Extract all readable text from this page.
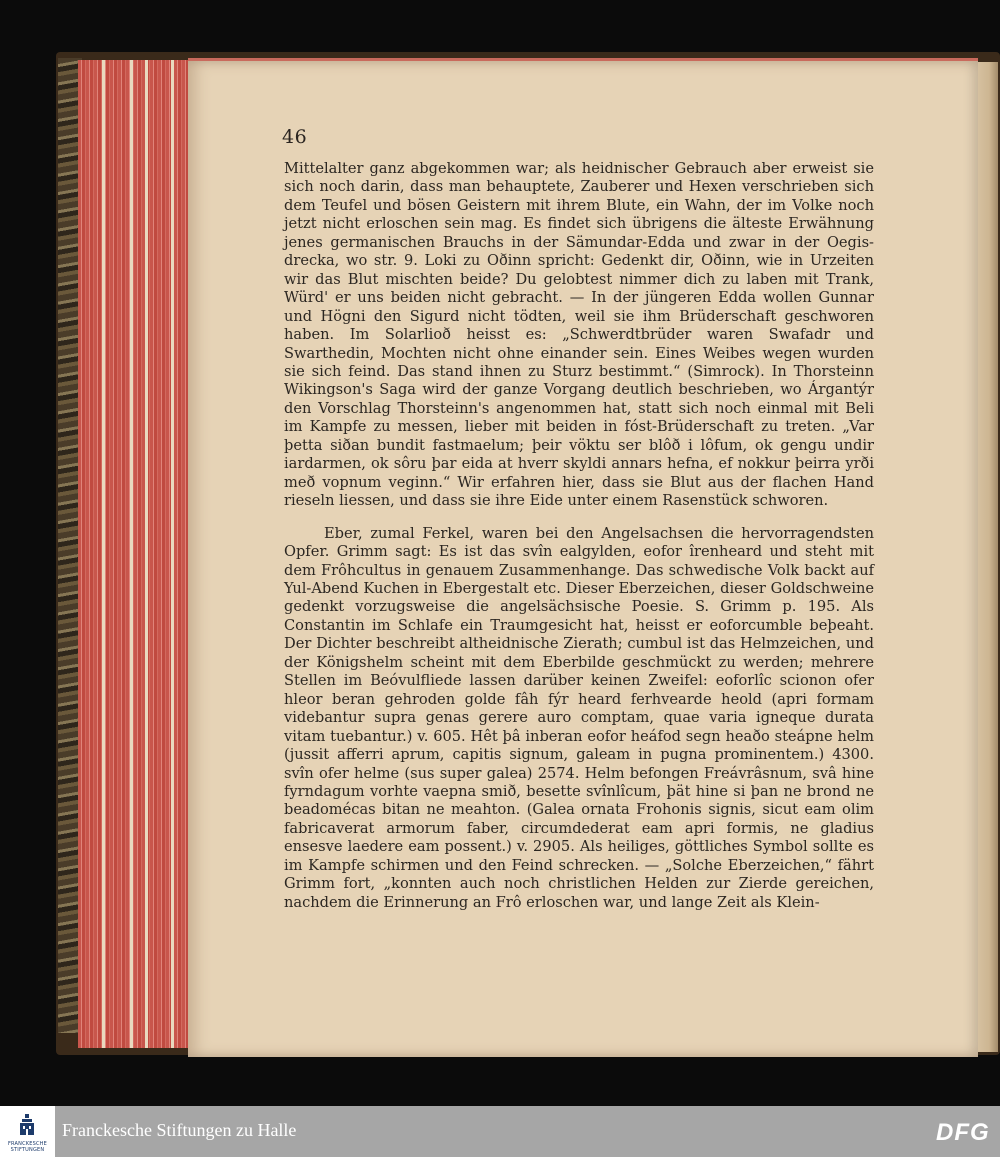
46

Mittelalter ganz abgekommen war; als heidnischer Gebrauch aber erweist sie sich noch darin, dass man behauptete, Zauberer und Hexen verschrieben sich dem Teufel und bösen Geistern mit ihrem Blute, ein Wahn, der im Volke noch jetzt nicht erloschen sein mag. Es findet sich übrigens die älteste Erwähnung jenes germanischen Brauchs in der Sämundar-Edda und zwar in der Oegis-drecka, wo str. 9. Loki zu Oðinn spricht: Gedenkt dir, Oðinn, wie in Urzeiten wir das Blut mischten beide? Du gelobtest nimmer dich zu laben mit Trank, Würd' er uns beiden nicht gebracht. — In der jüngeren Edda wollen Gunnar und Högni den Sigurd nicht tödten, weil sie ihm Brüderschaft geschworen haben. Im Solarlioð heisst es: „Schwerdtbrüder waren Swafadr und Swarthedin, Mochten nicht ohne einander sein. Eines Weibes wegen wurden sie sich feind. Das stand ihnen zu Sturz bestimmt.“ (Simrock). In Thorsteinn Wikingson's Saga wird der ganze Vorgang deutlich beschrieben, wo Árgantýr den Vorschlag Thorsteinn's angenommen hat, statt sich noch einmal mit Beli im Kampfe zu messen, lieber mit beiden in fóst-Brüderschaft zu treten. „Var þetta siðan bundit fastmaelum; þeir vöktu ser blôð i lôfum, ok gengu undir iardarmen, ok sôru þar eida at hverr skyldi annars hefna, ef nokkur þeirra yrði með vopnum veginn.“ Wir erfahren hier, dass sie Blut aus der flachen Hand rieseln liessen, und dass sie ihre Eide unter einem Rasenstück schworen.

Eber, zumal Ferkel, waren bei den Angelsachsen die hervorragendsten Opfer. Grimm sagt: Es ist das svîn ealgylden, eofor îrenheard und steht mit dem Frôhcultus in genauem Zusammenhange. Das schwedische Volk backt auf Yul-Abend Kuchen in Ebergestalt etc. Dieser Eberzeichen, dieser Goldschweine gedenkt vorzugsweise die angelsächsische Poesie. S. Grimm p. 195. Als Constantin im Schlafe ein Traumgesicht hat, heisst er eoforcumble beþeaht. Der Dichter beschreibt altheidnische Zierath; cumbul ist das Helmzeichen, und der Königshelm scheint mit dem Eberbilde geschmückt zu werden; mehrere Stellen im Beóvulfliede lassen darüber keinen Zweifel: eoforlîc scionon ofer hleor beran gehroden golde fâh fýr heard ferhvearde heold (apri formam videbantur supra genas gerere auro comptam, quae varia igneque durata vitam tuebantur.) v. 605. Hêt þâ inberan eofor heáfod segn heaðo steápne helm (jussit afferri aprum, capitis signum, galeam in pugna prominentem.) 4300. svîn ofer helme (sus super galea) 2574. Helm befongen Freávrâsnum, svâ hine fyrndagum vorhte vaepna smið, besette svînlîcum, þät hine si þan ne brond ne beadomécas bitan ne meahton. (Galea ornata Frohonis signis, sicut eam olim fabricaverat armorum faber, circumdederat eam apri formis, ne gladius ensesve laedere eam possent.) v. 2905. Als heiliges, göttliches Symbol sollte es im Kampfe schirmen und den Feind schrecken. — „Solche Eberzeichen,“ fährt Grimm fort, „konnten auch noch christlichen Helden zur Zierde gereichen, nachdem die Erinnerung an Frô erloschen war, und lange Zeit als Klein-

FRANCKESCHE STIFTUNGEN
Franckesche Stiftungen zu Halle	DFG
